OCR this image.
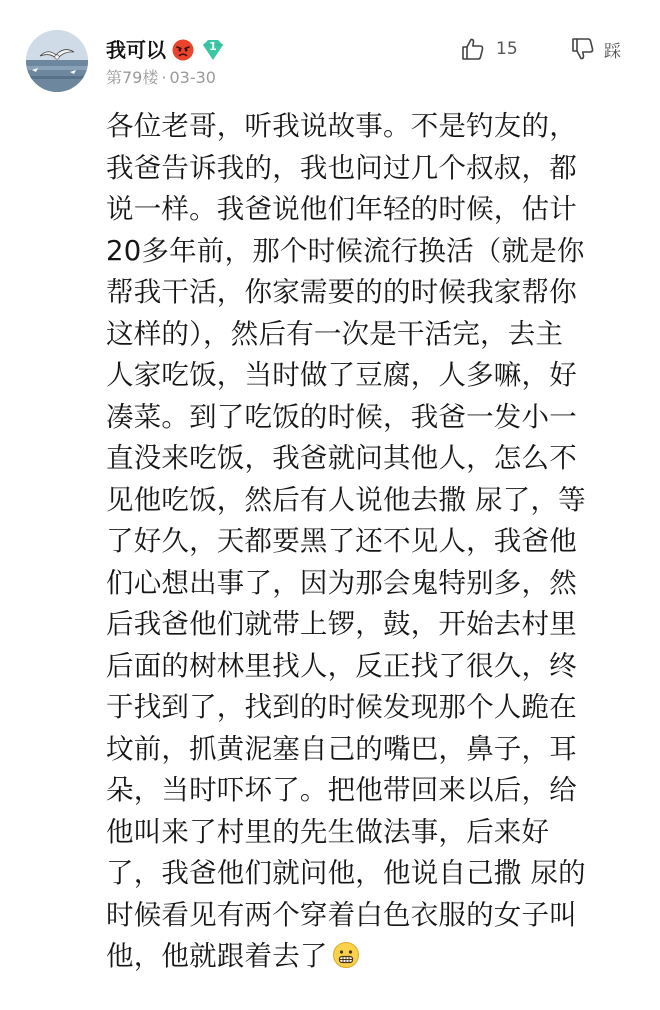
我可以	1
第79楼 · 03-30
15	踩
各位老哥，听我说故事。不是钓友的，
我爸告诉我的，我也问过几个叔叔，都
说一样。我爸说他们年轻的时候，估计
20多年前，那个时候流行换活（就是你
帮我干活，你家需要的的时候我家帮你
这样的），然后有一次是干活完，去主
人家吃饭，当时做了豆腐，人多嘛，好
凑菜。到了吃饭的时候，我爸一发小一
直没来吃饭，我爸就问其他人，怎么不
见他吃饭，然后有人说他去撒 尿了，等
了好久，天都要黑了还不见人，我爸他
们心想出事了，因为那会鬼特别多，然
后我爸他们就带上锣，鼓，开始去村里
后面的树林里找人，反正找了很久，终
于找到了，找到的时候发现那个人跪在
坟前，抓黄泥塞自己的嘴巴，鼻子，耳
朵，当时吓坏了。把他带回来以后，给
他叫来了村里的先生做法事，后来好
了，我爸他们就问他，他说自己撒 尿的
时候看见有两个穿着白色衣服的女子叫
他，他就跟着去了
